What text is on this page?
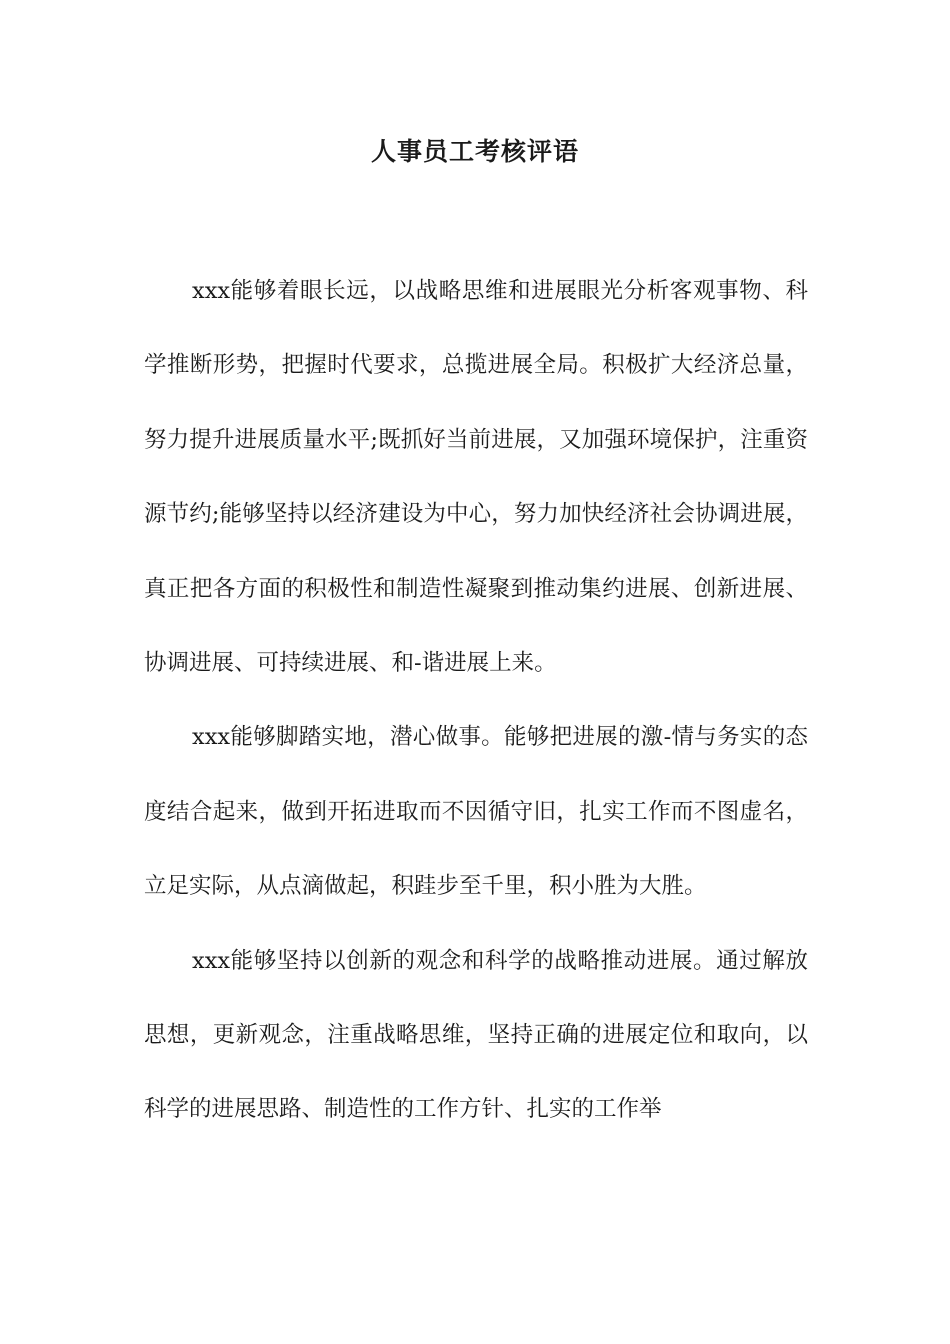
人事员工考核评语

xxx能够着眼长远，以战略思维和进展眼光分析客观事物、科学推断形势，把握时代要求，总揽进展全局。积极扩大经济总量，努力提升进展质量水平;既抓好当前进展，又加强环境保护，注重资源节约;能够坚持以经济建设为中心，努力加快经济社会协调进展，真正把各方面的积极性和制造性凝聚到推动集约进展、创新进展、协调进展、可持续进展、和-谐进展上来。

xxx能够脚踏实地，潜心做事。能够把进展的激-情与务实的态度结合起来，做到开拓进取而不因循守旧，扎实工作而不图虚名，立足实际，从点滴做起，积跬步至千里，积小胜为大胜。

xxx能够坚持以创新的观念和科学的战略推动进展。通过解放思想，更新观念，注重战略思维，坚持正确的进展定位和取向，以科学的进展思路、制造性的工作方针、扎实的工作举
